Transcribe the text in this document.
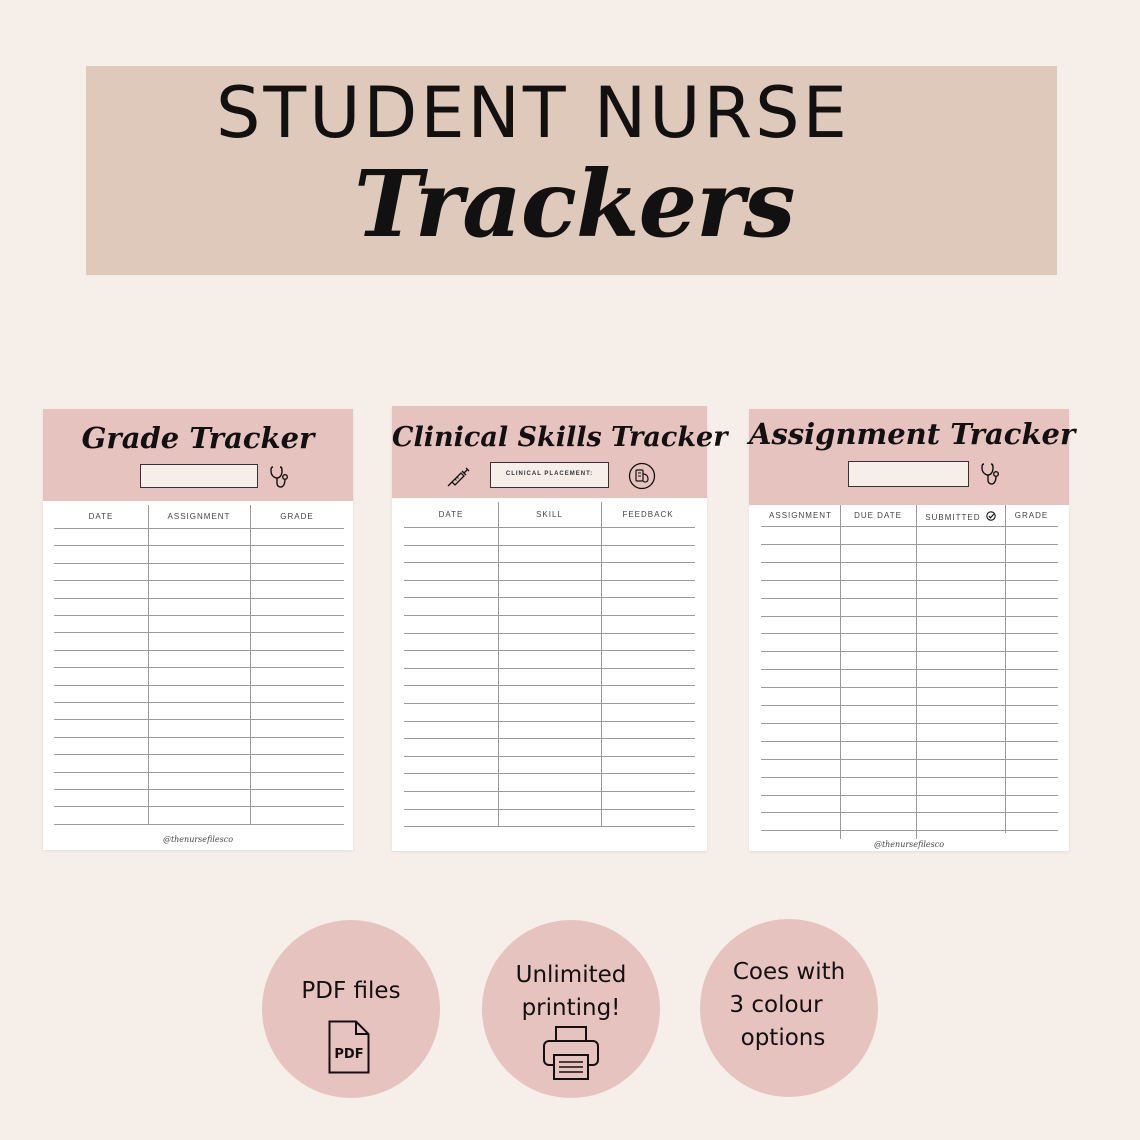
STUDENT NURSE
Trackers
Grade Tracker
DATE	ASSIGNMENT	GRADE
@thenursefilesco
Clinical Skills Tracker
CLINICAL PLACEMENT:
DATE	SKILL	FEEDBACK
Assignment Tracker
ASSIGNMENT	DUE DATE	SUBMITTED	GRADE
@thenursefilesco
PDF files
PDF
Unlimited
printing!
Coes with
3 colour
options
